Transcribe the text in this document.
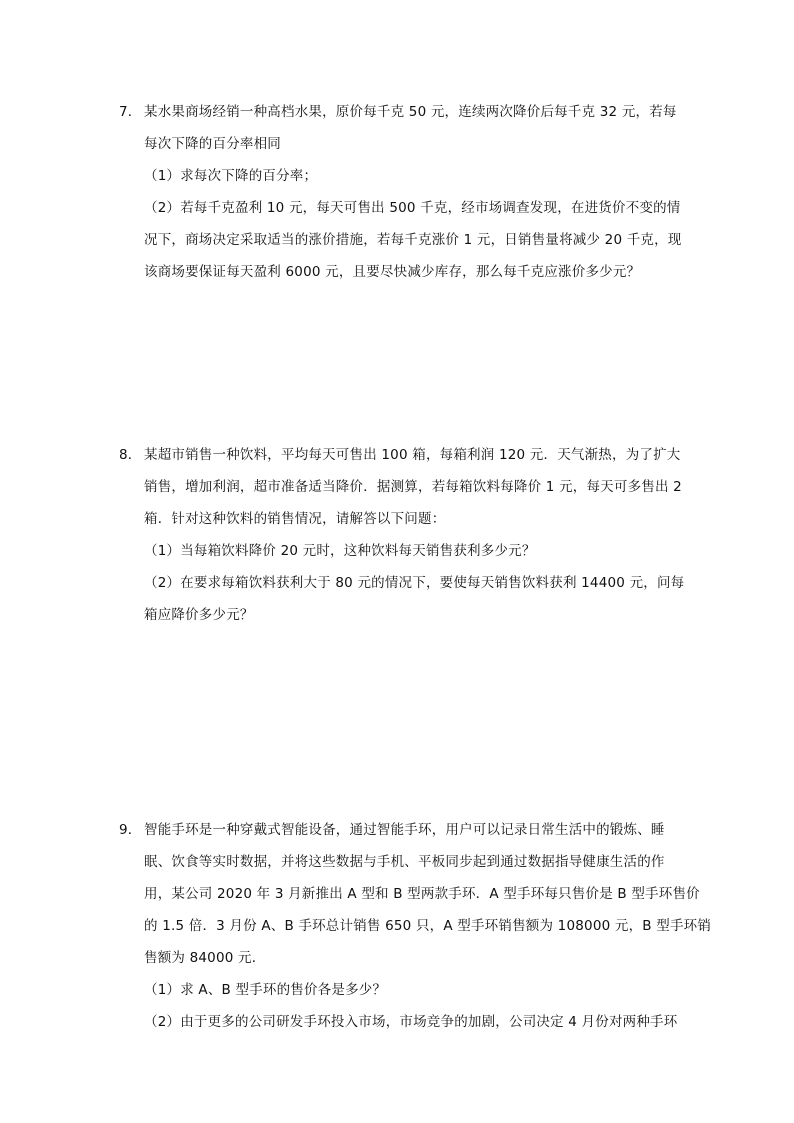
7． 某水果商场经销一种高档水果，原价每千克 50 元，连续两次降价后每千克 32 元，若每
每次下降的百分率相同
（1）求每次下降的百分率；
（2）若每千克盈利 10 元，每天可售出 500 千克，经市场调查发现，在进货价不变的情
况下，商场决定采取适当的涨价措施，若每千克涨价 1 元，日销售量将减少 20 千克，现
该商场要保证每天盈利 6000 元，且要尽快减少库存，那么每千克应涨价多少元？
8． 某超市销售一种饮料，平均每天可售出 100 箱，每箱利润 120 元．天气渐热，为了扩大
销售，增加利润，超市准备适当降价．据测算，若每箱饮料每降价 1 元，每天可多售出 2
箱．针对这种饮料的销售情况，请解答以下问题：
（1）当每箱饮料降价 20 元时，这种饮料每天销售获利多少元？
（2）在要求每箱饮料获利大于 80 元的情况下，要使每天销售饮料获利 14400 元，问每
箱应降价多少元？
9． 智能手环是一种穿戴式智能设备，通过智能手环，用户可以记录日常生活中的锻炼、睡
眠、饮食等实时数据，并将这些数据与手机、平板同步起到通过数据指导健康生活的作
用，某公司 2020 年 3 月新推出 A 型和 B 型两款手环．A 型手环每只售价是 B 型手环售价
的 1.5 倍．3 月份 A、B 手环总计销售 650 只，A 型手环销售额为 108000 元，B 型手环销
售额为 84000 元．
（1）求 A、B 型手环的售价各是多少？
（2）由于更多的公司研发手环投入市场，市场竞争的加剧，公司决定 4 月份对两种手环
